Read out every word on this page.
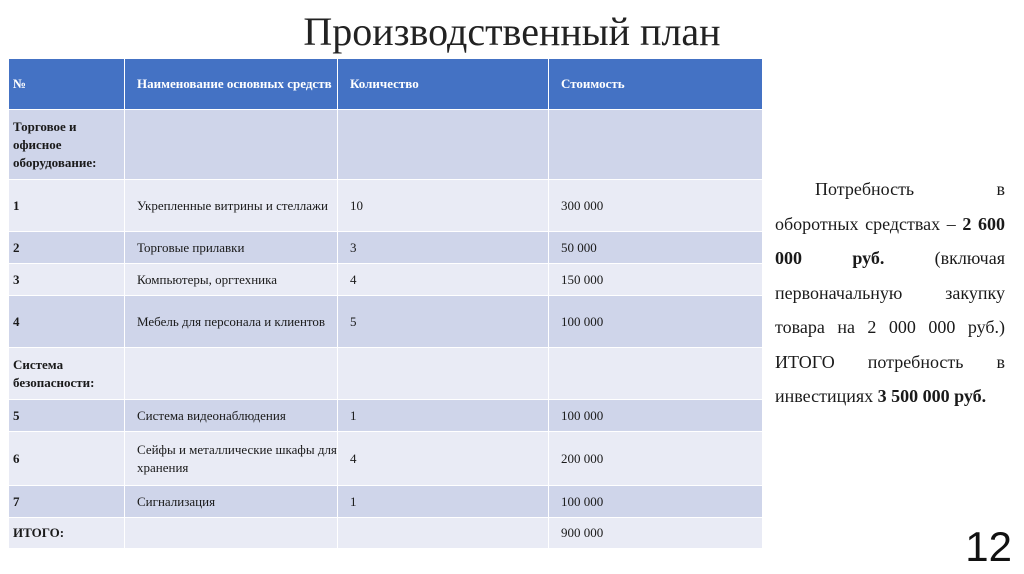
Производственный план
№	Наименование основных средств	Количество	Стоимость
Торговое и офисное оборудование:			
1	Укрепленные витрины и стеллажи	10	300 000
2	Торговые прилавки	3	50 000
3	Компьютеры, оргтехника	4	150 000
4	Мебель для персонала и клиентов	5	100 000
Система безопасности:			
5	Система видеонаблюдения	1	100 000
6	Сейфы и металлические шкафы для хранения	4	200 000
7	Сигнализация	1	100 000
ИТОГО:			900 000

Потребность в оборотных средствах – 2 600 000 руб. (включая первоначальную закупку товара на 2 000 000 руб.) ИТОГО потребность в инвестициях 3 500 000 руб.

12
